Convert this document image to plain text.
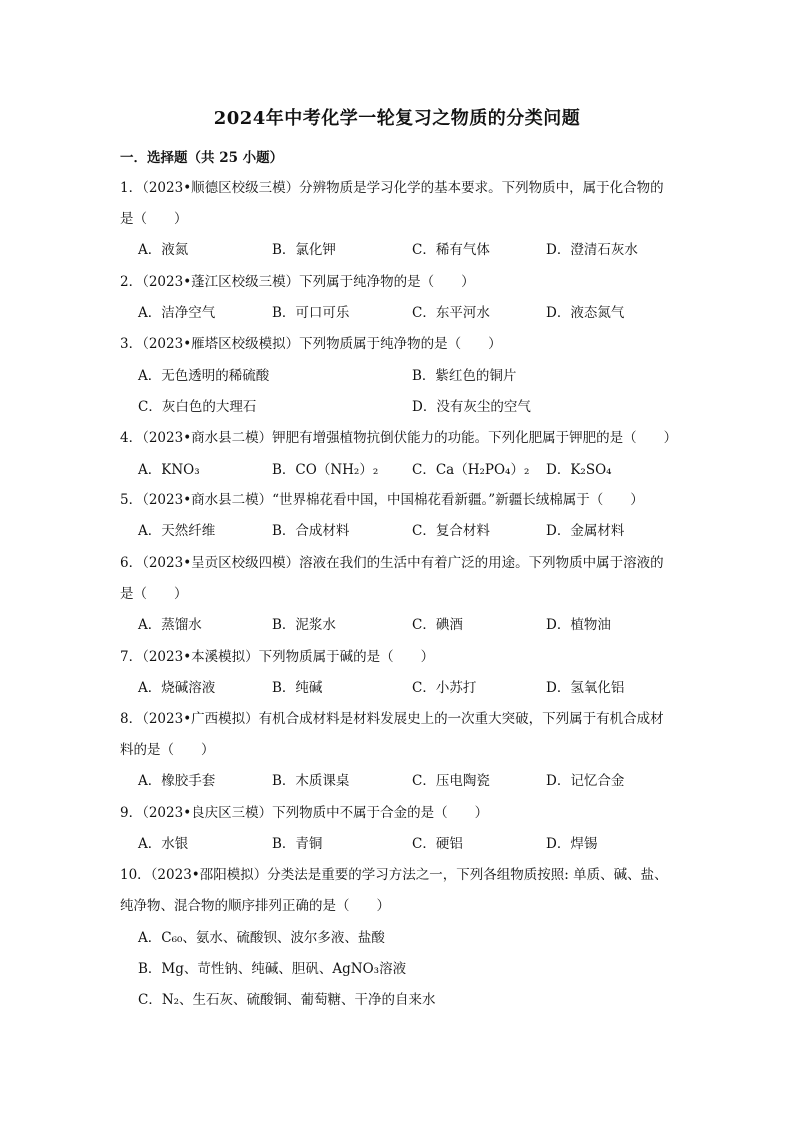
2024年中考化学一轮复习之物质的分类问题
一．选择题（共 25 小题）
1．（2023•顺德区校级三模）分辨物质是学习化学的基本要求。下列物质中，属于化合物的
是（　　）
A．液氮	B．氯化钾	C．稀有气体	D．澄清石灰水
2．（2023•蓬江区校级三模）下列属于纯净物的是（　　）
A．洁净空气	B．可口可乐	C．东平河水	D．液态氮气
3．（2023•雁塔区校级模拟）下列物质属于纯净物的是（　　）
A．无色透明的稀硫酸	B．紫红色的铜片
C．灰白色的大理石	D．没有灰尘的空气
4．（2023•商水县二模）钾肥有增强植物抗倒伏能力的功能。下列化肥属于钾肥的是（　　）
A．KNO₃	B．CO（NH₂）₂	C．Ca（H₂PO₄）₂ D．K₂SO₄
5．（2023•商水县二模）“世界棉花看中国，中国棉花看新疆。”新疆长绒棉属于（　　）
A．天然纤维	B．合成材料	C．复合材料	D．金属材料
6．（2023•呈贡区校级四模）溶液在我们的生活中有着广泛的用途。下列物质中属于溶液的
是（　　）
A．蒸馏水	B．泥浆水	C．碘酒	D．植物油
7．（2023•本溪模拟）下列物质属于碱的是（　　）
A．烧碱溶液	B．纯碱	C．小苏打	D．氢氧化铝
8．（2023•广西模拟）有机合成材料是材料发展史上的一次重大突破，下列属于有机合成材
料的是（　　）
A．橡胶手套	B．木质课桌	C．压电陶瓷	D．记忆合金
9．（2023•良庆区三模）下列物质中不属于合金的是（　　）
A．水银	B．青铜	C．硬铝	D．焊锡
10．（2023•邵阳模拟）分类法是重要的学习方法之一，下列各组物质按照: 单质、碱、盐、
纯净物、混合物的顺序排列正确的是（　　）
A．C₆₀、氨水、硫酸钡、波尔多液、盐酸
B．Mg、苛性钠、纯碱、胆矾、AgNO₃溶液
C．N₂、生石灰、硫酸铜、葡萄糖、干净的自来水
